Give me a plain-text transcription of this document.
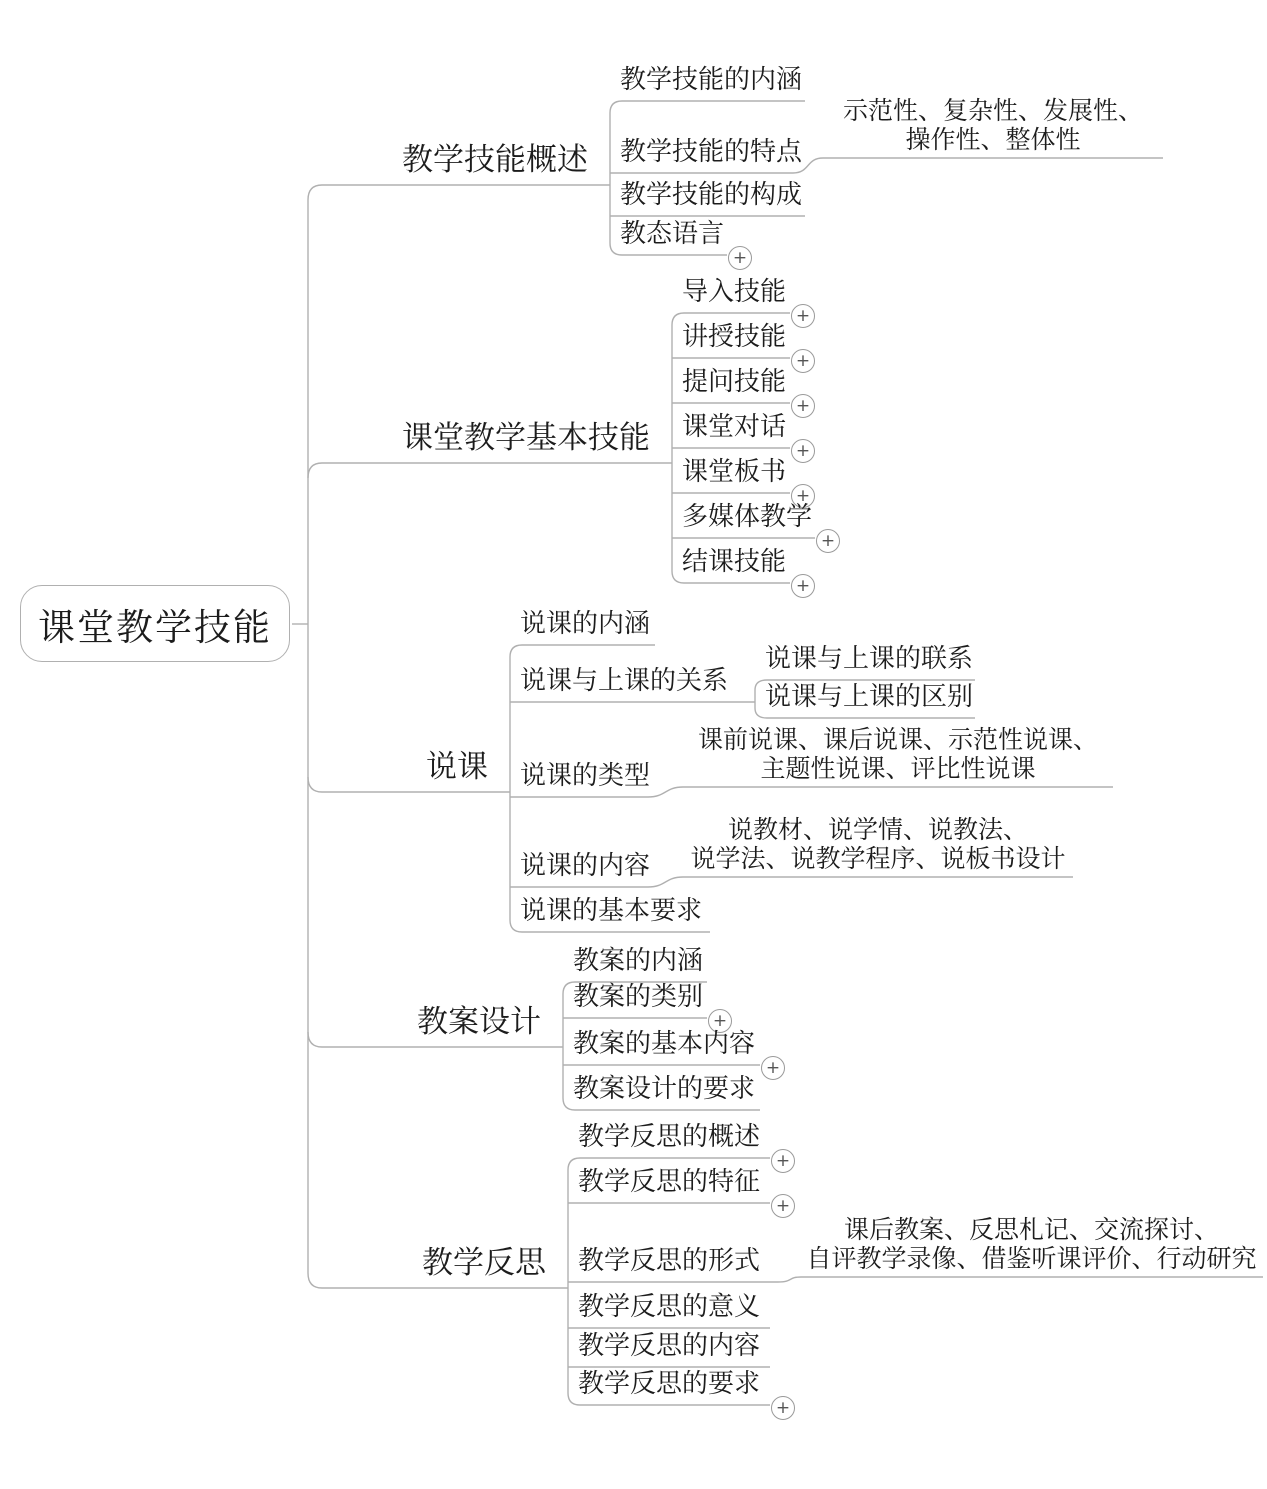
课堂教学技能
教学技能概述
教学技能的内涵
教学技能的特点
示范性、复杂性、发展性、
操作性、整体性
教学技能的构成
教态语言
+
课堂教学基本技能
导入技能
+
讲授技能
+
提问技能
+
课堂对话
+
课堂板书
+
多媒体教学
+
结课技能
+
说课
说课的内涵
说课与上课的关系
说课与上课的联系
说课与上课的区别
说课的类型
课前说课、课后说课、示范性说课、
主题性说课、评比性说课
说课的内容
说教材、说学情、说教法、
说学法、说教学程序、说板书设计
说课的基本要求
教案设计
教案的内涵
教案的类别
+
教案的基本内容
+
教案设计的要求
教学反思
教学反思的概述
+
教学反思的特征
+
教学反思的形式
课后教案、反思札记、交流探讨、
自评教学录像、借鉴听课评价、行动研究
教学反思的意义
教学反思的内容
教学反思的要求
+
